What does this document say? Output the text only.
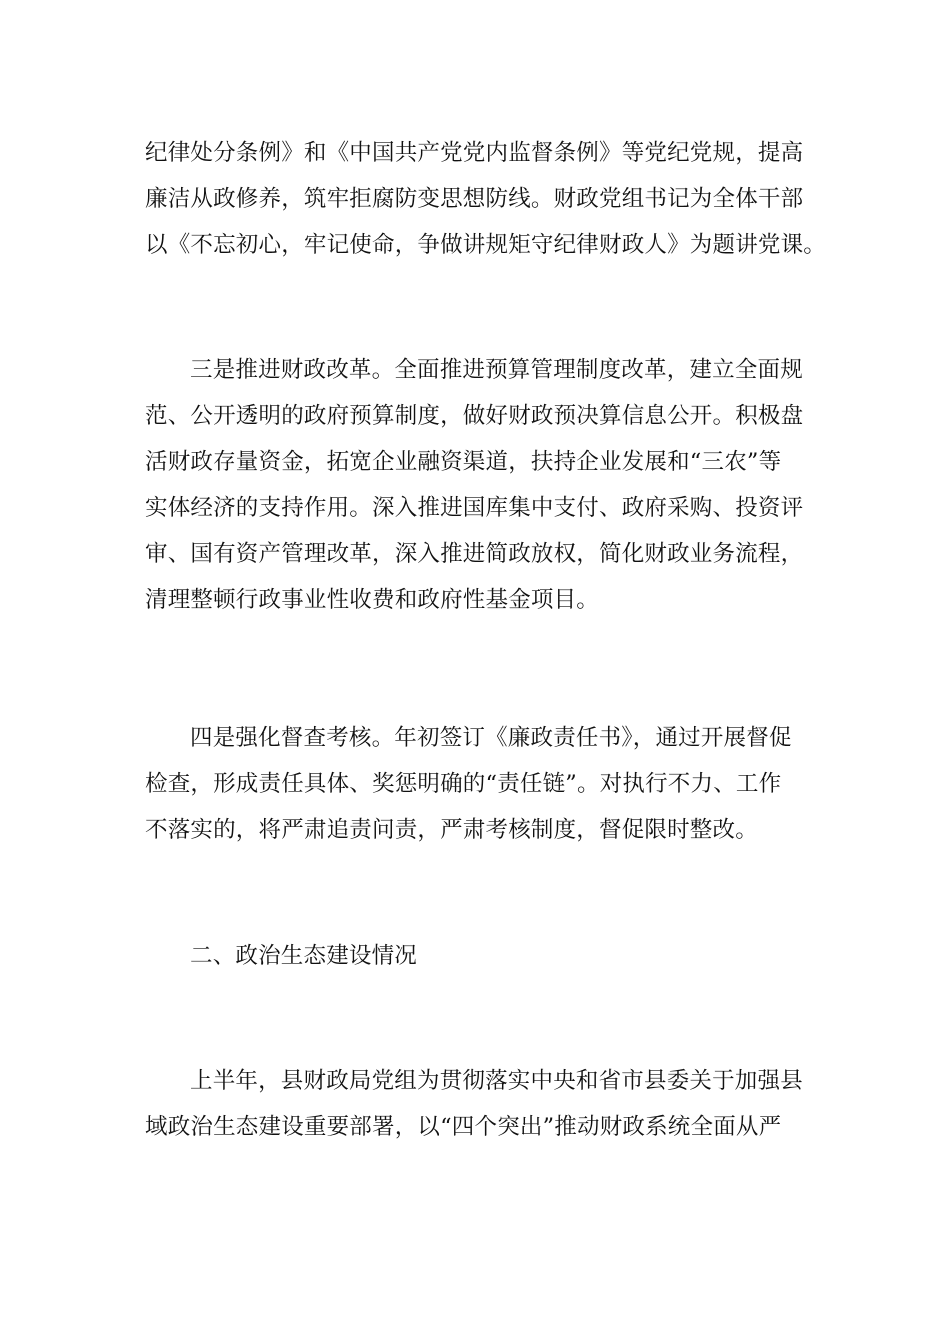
纪律处分条例》和《中国共产党党内监督条例》等党纪党规，提高
廉洁从政修养，筑牢拒腐防变思想防线。财政党组书记为全体干部
以《不忘初心，牢记使命，争做讲规矩守纪律财政人》为题讲党课。
三是推进财政改革。全面推进预算管理制度改革，建立全面规
范、公开透明的政府预算制度，做好财政预决算信息公开。积极盘
活财政存量资金，拓宽企业融资渠道，扶持企业发展和“三农”等
实体经济的支持作用。深入推进国库集中支付、政府采购、投资评
审、国有资产管理改革，深入推进简政放权，简化财政业务流程，
清理整顿行政事业性收费和政府性基金项目。
四是强化督查考核。年初签订《廉政责任书》，通过开展督促
检查，形成责任具体、奖惩明确的“责任链”。对执行不力、工作
不落实的，将严肃追责问责，严肃考核制度，督促限时整改。
二、政治生态建设情况
上半年，县财政局党组为贯彻落实中央和省市县委关于加强县
域政治生态建设重要部署，以“四个突出”推动财政系统全面从严
